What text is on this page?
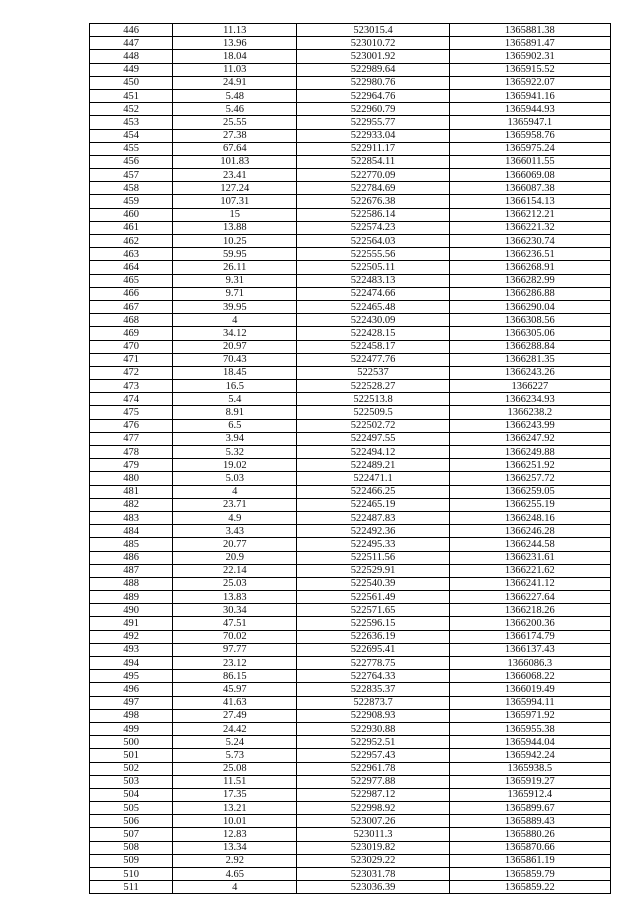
446	11.13	523015.4	1365881.38
447	13.96	523010.72	1365891.47
448	18.04	523001.92	1365902.31
449	11.03	522989.64	1365915.52
450	24.91	522980.76	1365922.07
451	5.48	522964.76	1365941.16
452	5.46	522960.79	1365944.93
453	25.55	522955.77	1365947.1
454	27.38	522933.04	1365958.76
455	67.64	522911.17	1365975.24
456	101.83	522854.11	1366011.55
457	23.41	522770.09	1366069.08
458	127.24	522784.69	1366087.38
459	107.31	522676.38	1366154.13
460	15	522586.14	1366212.21
461	13.88	522574.23	1366221.32
462	10.25	522564.03	1366230.74
463	59.95	522555.56	1366236.51
464	26.11	522505.11	1366268.91
465	9.31	522483.13	1366282.99
466	9.71	522474.66	1366286.88
467	39.95	522465.48	1366290.04
468	4	522430.09	1366308.56
469	34.12	522428.15	1366305.06
470	20.97	522458.17	1366288.84
471	70.43	522477.76	1366281.35
472	18.45	522537	1366243.26
473	16.5	522528.27	1366227
474	5.4	522513.8	1366234.93
475	8.91	522509.5	1366238.2
476	6.5	522502.72	1366243.99
477	3.94	522497.55	1366247.92
478	5.32	522494.12	1366249.88
479	19.02	522489.21	1366251.92
480	5.03	522471.1	1366257.72
481	4	522466.25	1366259.05
482	23.71	522465.19	1366255.19
483	4.9	522487.83	1366248.16
484	3.43	522492.36	1366246.28
485	20.77	522495.33	1366244.58
486	20.9	522511.56	1366231.61
487	22.14	522529.91	1366221.62
488	25.03	522540.39	1366241.12
489	13.83	522561.49	1366227.64
490	30.34	522571.65	1366218.26
491	47.51	522596.15	1366200.36
492	70.02	522636.19	1366174.79
493	97.77	522695.41	1366137.43
494	23.12	522778.75	1366086.3
495	86.15	522764.33	1366068.22
496	45.97	522835.37	1366019.49
497	41.63	522873.7	1365994.11
498	27.49	522908.93	1365971.92
499	24.42	522930.88	1365955.38
500	5.24	522952.51	1365944.04
501	5.73	522957.43	1365942.24
502	25.08	522961.78	1365938.5
503	11.51	522977.88	1365919.27
504	17.35	522987.12	1365912.4
505	13.21	522998.92	1365899.67
506	10.01	523007.26	1365889.43
507	12.83	523011.3	1365880.26
508	13.34	523019.82	1365870.66
509	2.92	523029.22	1365861.19
510	4.65	523031.78	1365859.79
511	4	523036.39	1365859.22
